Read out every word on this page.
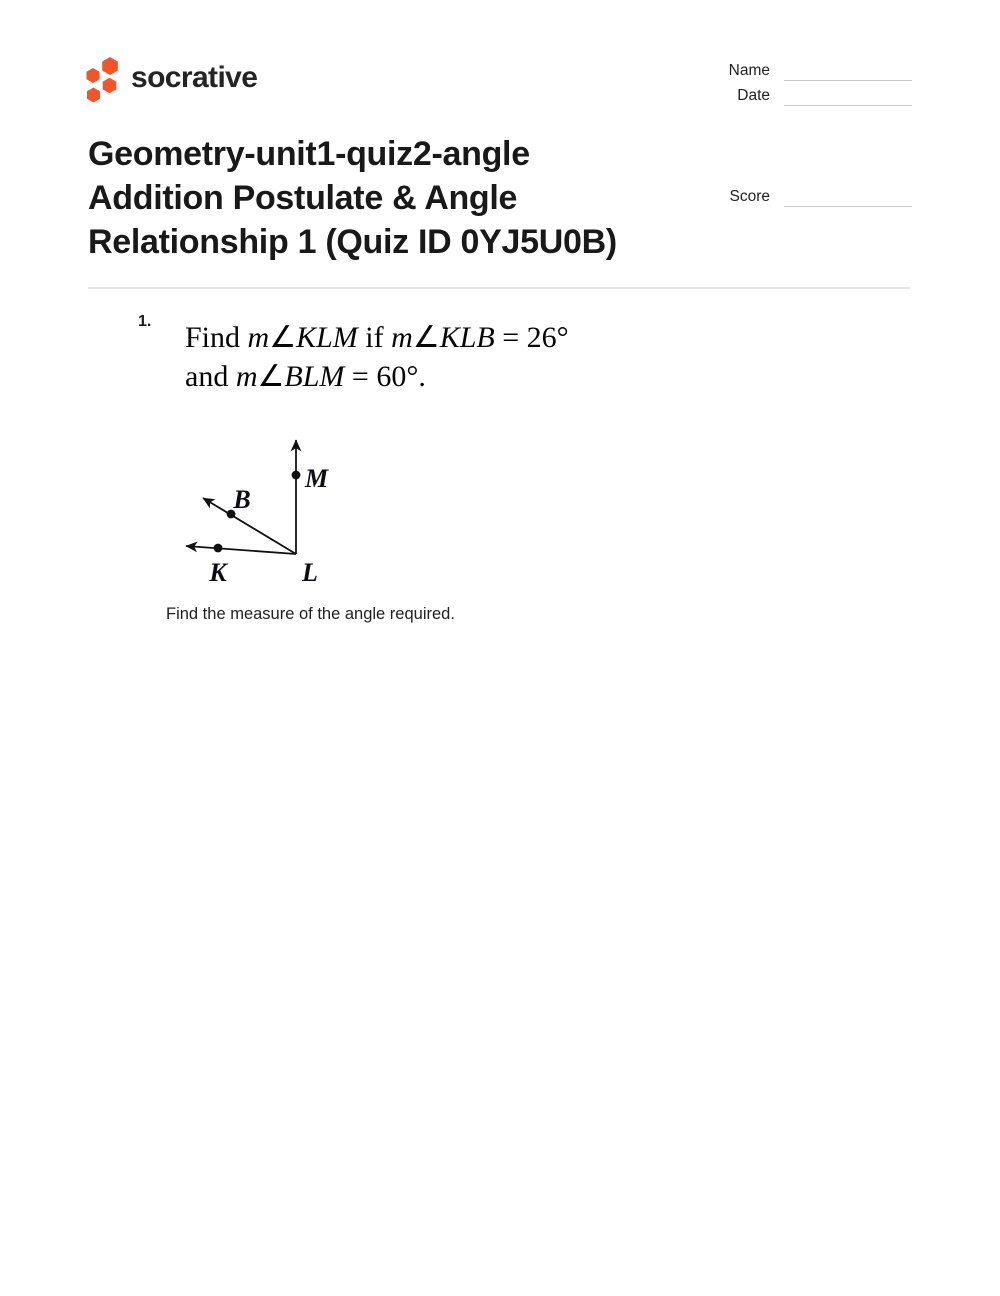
socrative	Name
Date
Score
Geometry-unit1-quiz2-angle
Addition Postulate & Angle
Relationship 1 (Quiz ID 0YJ5U0B)
1. Find m∠KLM if m∠KLB = 26°
and m∠BLM = 60°.
M
B
K	L
Find the measure of the angle required.
